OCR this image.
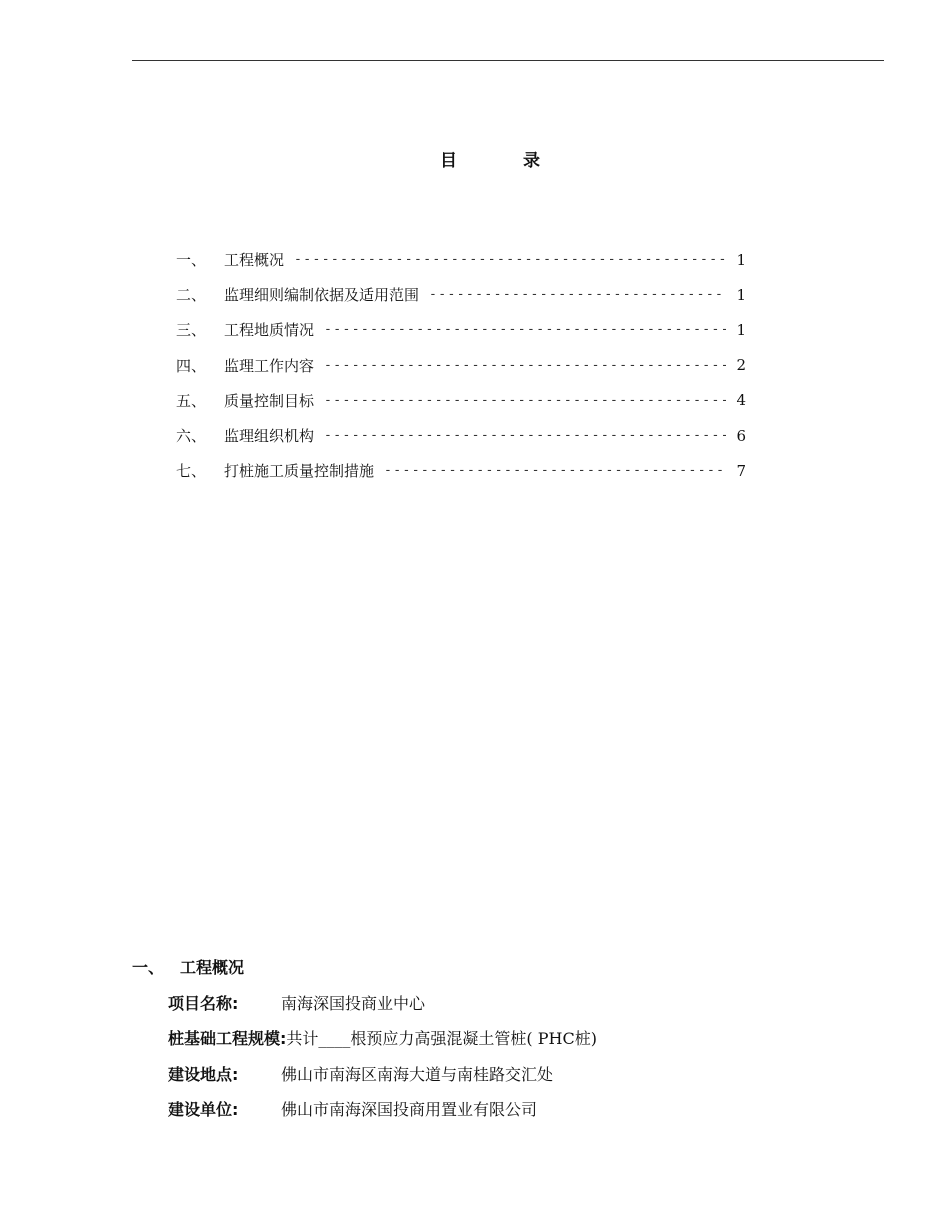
目 录
一、	工程概况 -----	1
二、	监理细则编制依据及适用范围 -----	1
三、	工程地质情况 -----	1
四、	监理工作内容 -----	2
五、	质量控制目标 -----	4
六、	监理组织机构 -----	6
七、	打桩施工质量控制措施 -----	7
一、 工程概况
项目名称:	南海深国投商业中心
桩基础工程规模: 共计____根预应力高强混凝土管桩( PHC桩)
建设地点:	佛山市南海区南海大道与南桂路交汇处
建设单位:	佛山市南海深国投商用置业有限公司
